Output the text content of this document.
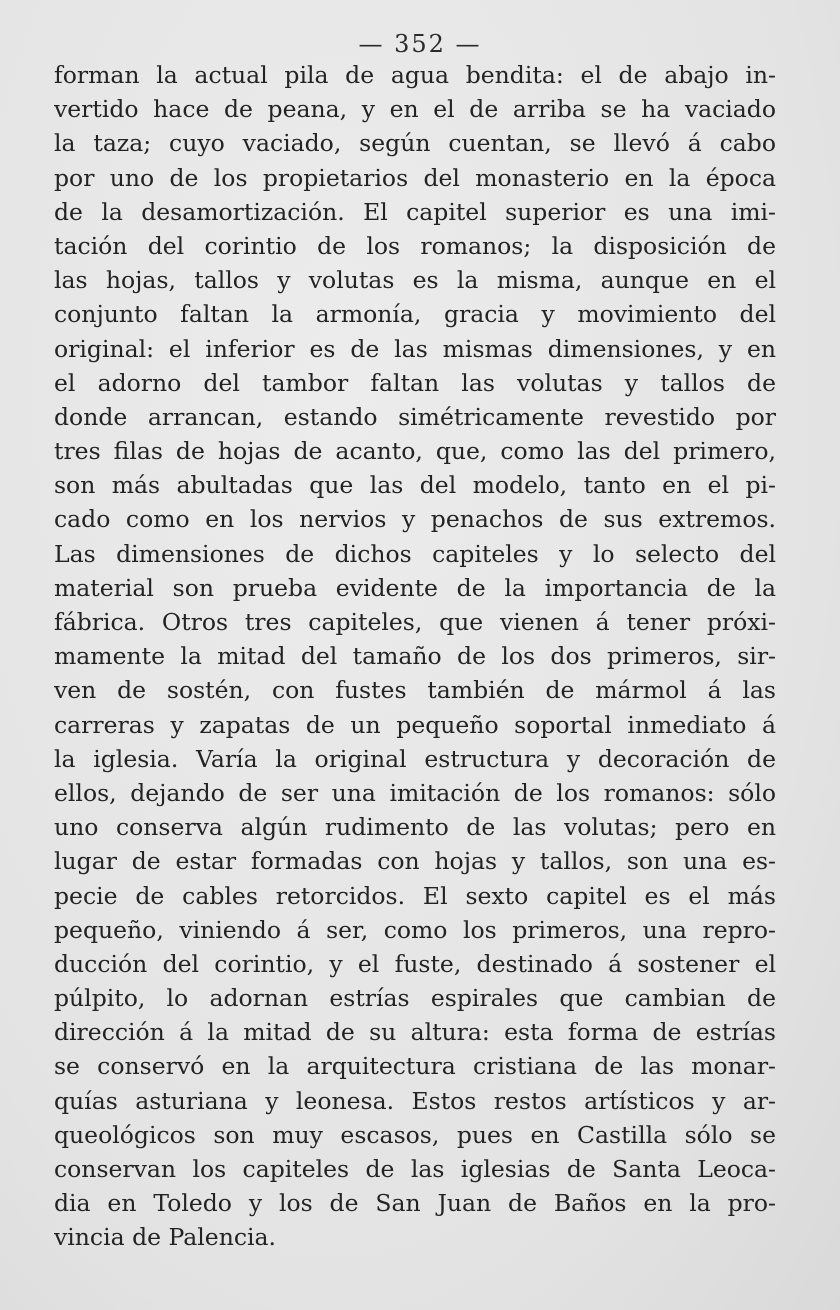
— 352 —
forman la actual pila de agua bendita: el de abajo in-
vertido hace de peana, y en el de arriba se ha vaciado
la taza; cuyo vaciado, según cuentan, se llevó á cabo
por uno de los propietarios del monasterio en la época
de la desamortización. El capitel superior es una imi-
tación del corintio de los romanos; la disposición de
las hojas, tallos y volutas es la misma, aunque en el
conjunto faltan la armonía, gracia y movimiento del
original: el inferior es de las mismas dimensiones, y en
el adorno del tambor faltan las volutas y tallos de
donde arrancan, estando simétricamente revestido por
tres filas de hojas de acanto, que, como las del primero,
son más abultadas que las del modelo, tanto en el pi-
cado como en los nervios y penachos de sus extremos.
Las dimensiones de dichos capiteles y lo selecto del
material son prueba evidente de la importancia de la
fábrica. Otros tres capiteles, que vienen á tener próxi-
mamente la mitad del tamaño de los dos primeros, sir-
ven de sostén, con fustes también de mármol á las
carreras y zapatas de un pequeño soportal inmediato á
la iglesia. Varía la original estructura y decoración de
ellos, dejando de ser una imitación de los romanos: sólo
uno conserva algún rudimento de las volutas; pero en
lugar de estar formadas con hojas y tallos, son una es-
pecie de cables retorcidos. El sexto capitel es el más
pequeño, viniendo á ser, como los primeros, una repro-
ducción del corintio, y el fuste, destinado á sostener el
púlpito, lo adornan estrías espirales que cambian de
dirección á la mitad de su altura: esta forma de estrías
se conservó en la arquitectura cristiana de las monar-
quías asturiana y leonesa. Estos restos artísticos y ar-
queológicos son muy escasos, pues en Castilla sólo se
conservan los capiteles de las iglesias de Santa Leoca-
dia en Toledo y los de San Juan de Baños en la pro-
vincia de Palencia.
